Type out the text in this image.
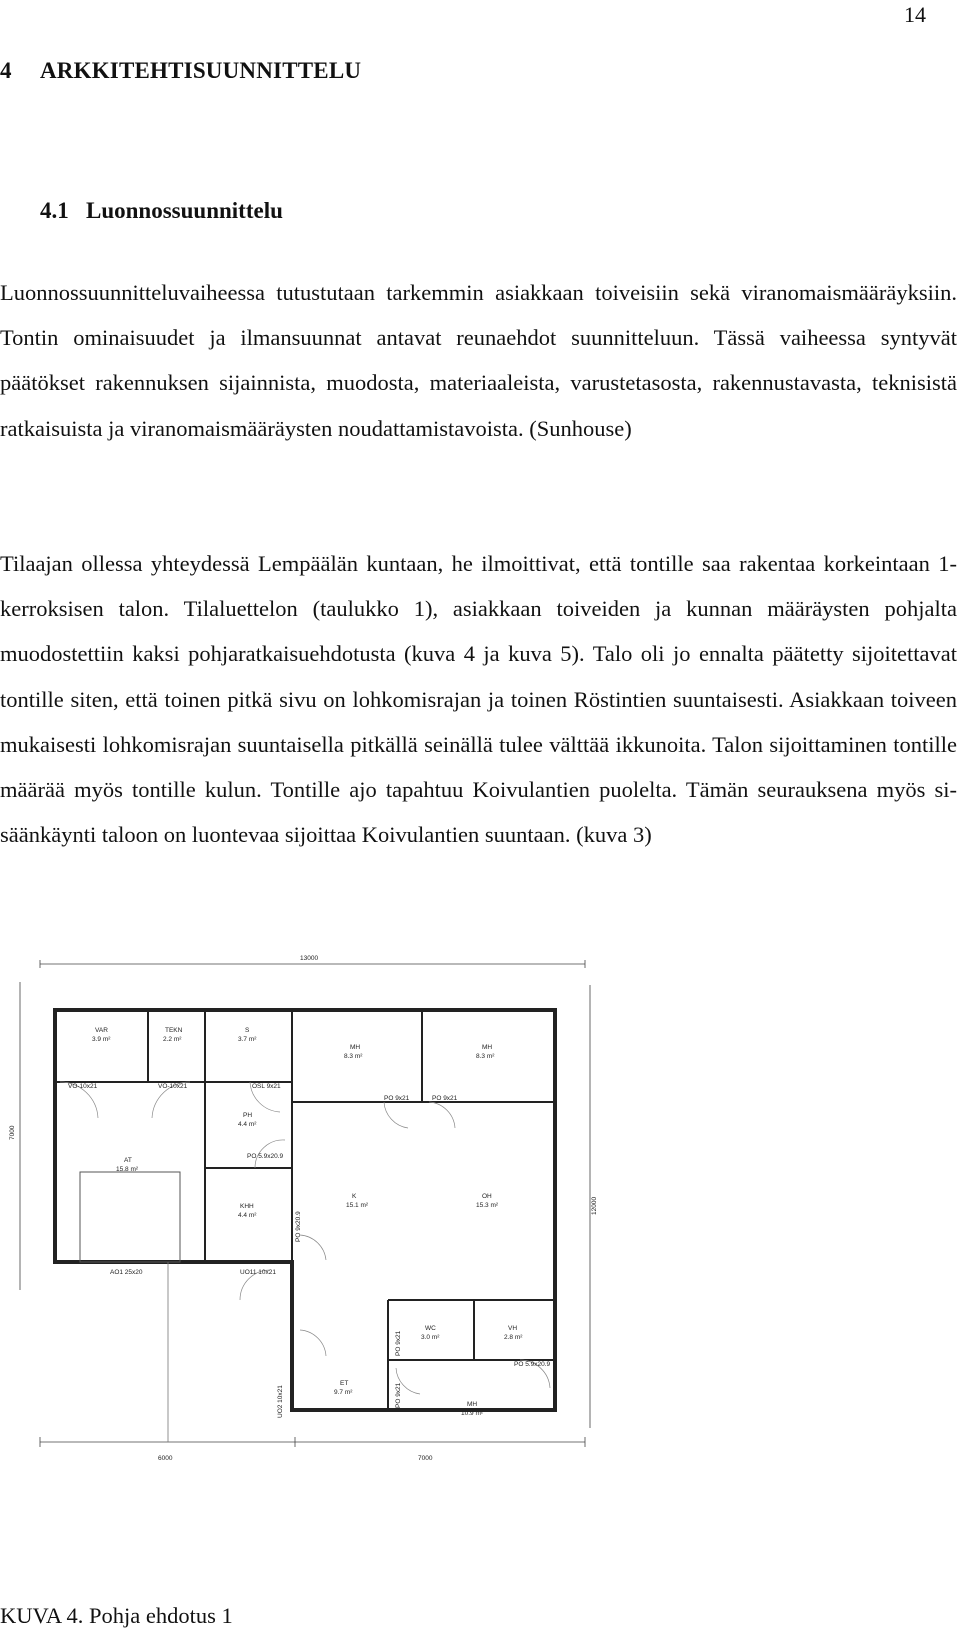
14
4 ARKKITEHTISUUNNITTELU
4.1 Luonnossuunnittelu

Luonnossuunnitteluvaiheessa tutustutaan tarkemmin asiakkaan toiveisiin sekä viranomaismääräyksiin. Tontin ominaisuudet ja ilmansuunnat antavat reunaehdot suunnitteluun. Tässä vaiheessa syntyvät päätökset rakennuksen sijainnista, muodosta, materiaaleista, varustetasosta, rakennustavasta, teknisistä ratkaisuista ja viranomaismääräysten noudattamistavoista. (Sunhouse)

Tilaajan ollessa yhteydessä Lempäälän kuntaan, he ilmoittivat, että tontille saa rakentaa korkeintaan 1-kerroksisen talon. Tilaluettelon (taulukko 1), asiakkaan toiveiden ja kunnan määräysten pohjalta muodostettiin kaksi pohjaratkaisuehdotusta (kuva 4 ja kuva 5). Talo oli jo ennalta päätetty sijoitettavat tontille siten, että toinen pitkä sivu on lohkomisrajan ja toinen Röstintien suuntaisesti. Asiakkaan toiveen mukaisesti lohkomisrajan suuntaisella pitkällä seinällä tulee välttää ikkunoita. Talon sijoittaminen tontille määrää myös tontille kulun. Tontille ajo tapahtuu Koivulantien puolelta. Tämän seurauksena myös sisäänkäynti taloon on luontevaa sijoittaa Koivulantien suuntaan. (kuva 3)

13000
7000
12000
6000	7000
VAR
3.9 m²
TEKN
2.2 m²
S
3.7 m²
MH
8.3 m²
MH
8.3 m²
PH
4.4 m²
AT
15.8 m²
KHH
4.4 m²
K
15.1 m²
OH
15.3 m²
WC
3.0 m²
VH
2.8 m²
ET
9.7 m²
MH
10.9 m²
VO-10x21	VO-10x21	OSL 9x21
PO 9x21	PO 9x21
PO 5.9x20.9
PO 9x20.9
AO1 25x20	UO11 10x21
PO 9x21
PO 9x21
PO 5.9x20.9
UO2 10x21
KUVA 4. Pohja ehdotus 1
